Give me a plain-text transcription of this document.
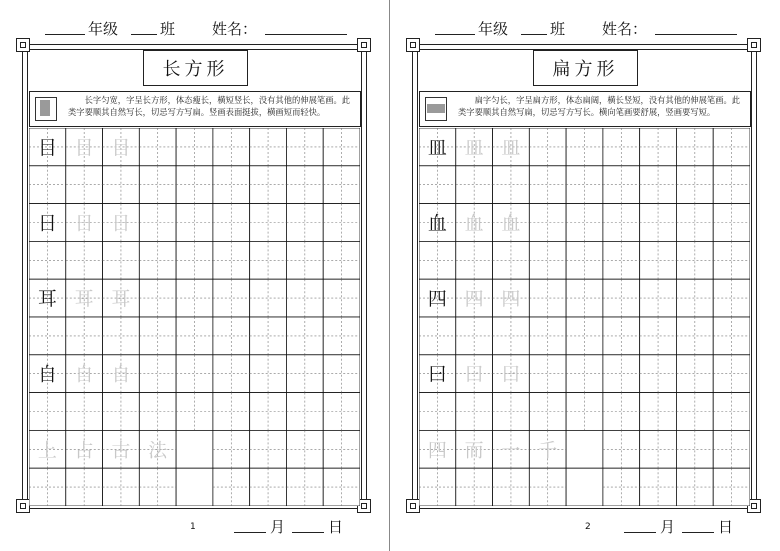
年级	班 姓名：
长方形
长字匀宽，字呈长方形，体态瘦长，横短竖长，没有其他的伸展笔画。此类字要顺其自然写长，切忌写方写扁。竖画表面挺拔，横画短而轻快。
目 目 目
日 日 日
耳 耳 耳
自 自 自
上 占 古 法
1	月	日
年级	班 姓名：
扁方形
扁字匀长，字呈扁方形，体态扁阔，横长竖短，没有其他的伸展笔画。此类字要顺其自然写扁，切忌写方写长。横向笔画要舒展，竖画要写短。
皿 皿 皿
血 血 血
四 四 四
曰 曰 曰
四 而 一 千
2	月	日
